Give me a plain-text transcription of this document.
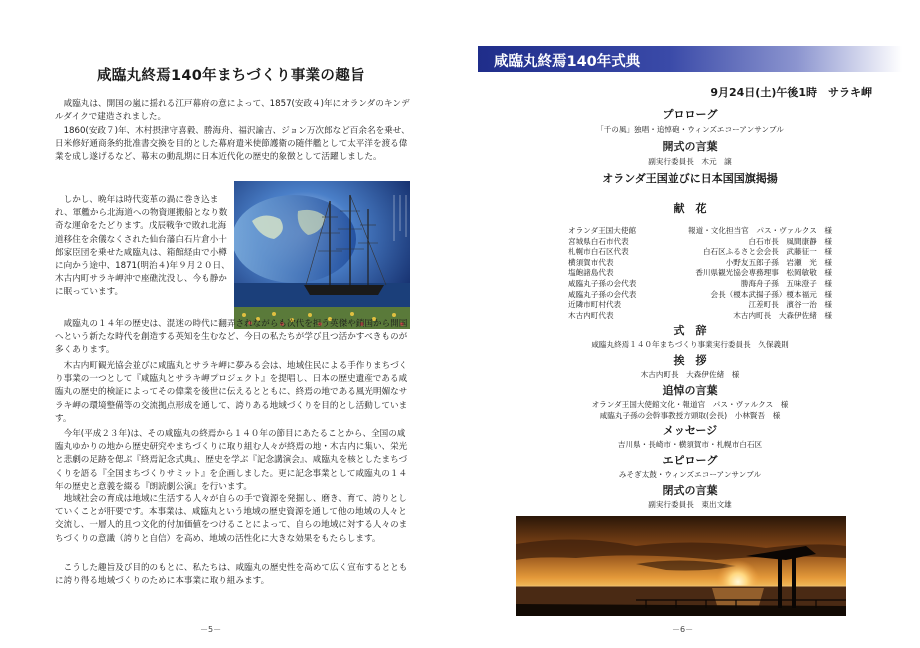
咸臨丸終焉140年まちづくり事業の趣旨

咸臨丸は、開国の嵐に揺れる江戸幕府の意によって、1857(安政４)年にオランダのキンデルダイクで建造されました。

1860(安政７)年、木村摂津守喜毅、勝海舟、福沢諭吉、ジョン万次郎など百余名を乗せ、日米修好通商条約批准書交換を目的とした幕府遣米使節護衛の随伴艦として太平洋を渡る偉業を成し遂げるなど、幕末の動乱期に日本近代化の歴史的象徴として活躍しました。

しかし、晩年は時代変革の渦に巻き込まれ、軍艦から北海道への物資運搬船となり数奇な運命をたどります。戊辰戦争で敗れ北海道移住を余儀なくされた仙台藩白石片倉小十郎家臣団を乗せた咸臨丸は、箱館経由で小樽に向かう途中、1871(明治４)年９月２０日、木古内町サラキ岬沖で座礁沈没し、今も静かに眠っています。

咸臨丸の１４年の歴史は、混迷の時代に翻弄されながらも次代を担う英傑や鎖国から開国へという新たな時代を創造する英知を生むなど、今日の私たちが学び且つ活かすべきものが多くあります。

木古内町観光協会並びに咸臨丸とサラキ岬に夢みる会は、地域住民による手作りまちづくり事業の一つとして『咸臨丸とサラキ岬プロジェクト』を提唱し、日本の歴史遺産である咸臨丸の歴史的検証によってその偉業を後世に伝えるとともに、終焉の地である風光明媚なサラキ岬の環境整備等の交流拠点形成を通して、誇りある地域づくりを目的とし活動しています。

今年(平成２３年)は、その咸臨丸の終焉から１４０年の節目にあたることから、全国の咸臨丸ゆかりの地から歴史研究やまちづくりに取り組む人々が終焉の地・木古内に集い、栄光と悲劇の足跡を偲ぶ『終焉記念式典』、歴史を学ぶ『記念講演会』、咸臨丸を核としたまちづくりを語る『全国まちづくりサミット』を企画しました。更に記念事業として咸臨丸の１４年の歴史と意義を綴る『朗読劇公演』を行います。

地域社会の育成は地域に生活する人々が自らの手で資源を発掘し、磨き、育て、誇りとしていくことが肝要です。本事業は、咸臨丸という地域の歴史資源を通して他の地域の人々と交流し、一層人的且つ文化的付加価値をつけることによって、自らの地域に対する人々のまちづくりの意識（誇りと自信）を高め、地域の活性化に大きな効果をもたらします。

こうした趣旨及び目的のもとに、私たちは、咸臨丸の歴史性を高めて広く宣布するとともに誇り得る地域づくりのために本事業に取り組みます。

－5－
咸臨丸終焉140年式典
9月24日(土)午後1時　サラキ岬
プロローグ
「千の風」独唱・追悼砲・ウィンズエコーアンサンブル
開式の言葉
副実行委員長　木元　譲
オランダ王国並びに日本国国旗掲揚
献　花
オランダ王国大使館	報道・文化担当官　パス・ヴァルクス　様
宮城県白石市代表	白石市長　風間康静　様
札幌市白石区代表	白石区ふるさと会会長　武藤征一　様
横須賀市代表	小野友五郎子孫　岩瀬　光　様
塩飽諸島代表	香川県観光協会専務理事　松岡敏敬　様
咸臨丸子孫の会代表	勝海舟子孫　五味澄子　様
咸臨丸子孫の会代表	会長（榎本武揚子孫）榎本福元　様
近隣市町村代表	江差町長　濱谷一治　様
木古内町代表	木古内町長　大森伊佐緒　様
式　辞
咸臨丸終焉１４０年まちづくり事業実行委員長　久保義則
挨　拶
木古内町長　大森伊佐緒　様
追悼の言葉
オランダ王国大使館文化・報道官　パス・ヴァルクス　様
咸臨丸子孫の会幹事教授方頭取(会長)　小林賢吾　様
メッセージ
吉川県・長崎市・横須賀市・札幌市白石区
エピローグ
みそぎ太鼓・ウィンズエコーアンサンブル
閉式の言葉
副実行委員長　東出文雄
－6－
